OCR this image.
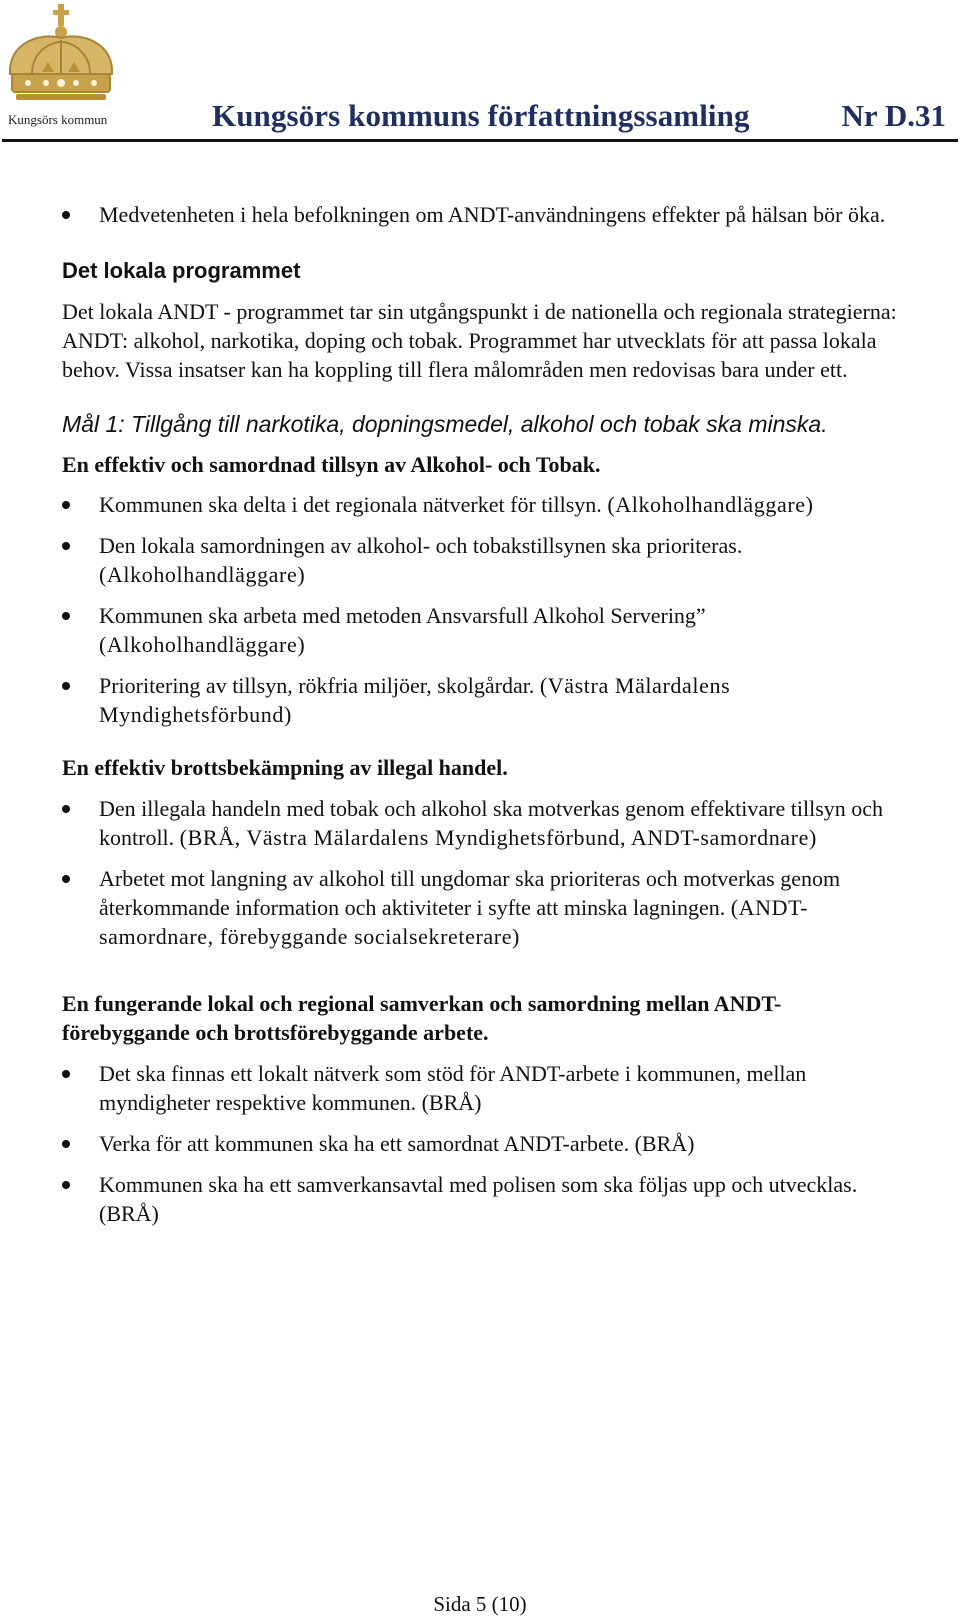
Kungsörs kommun	Kungsörs kommuns författningssamling	Nr D.31
Medvetenheten i hela befolkningen om ANDT-användningens effekter på hälsan bör öka.
Det lokala programmet
Det lokala ANDT - programmet tar sin utgångspunkt i de nationella och regionala strategierna: ANDT: alkohol, narkotika, doping och tobak. Programmet har utvecklats för att passa lokala behov. Vissa insatser kan ha koppling till flera målområden men redovisas bara under ett.
Mål 1: Tillgång till narkotika, dopningsmedel, alkohol och tobak ska minska.
En effektiv och samordnad tillsyn av Alkohol- och Tobak.
Kommunen ska delta i det regionala nätverket för tillsyn. (Alkoholhandläggare)
Den lokala samordningen av alkohol- och tobakstillsynen ska prioriteras. (Alkoholhandläggare)
Kommunen ska arbeta med metoden Ansvarsfull Alkohol Servering” (Alkoholhandläggare)
Prioritering av tillsyn, rökfria miljöer, skolgårdar. (Västra Mälardalens Myndighetsförbund)
En effektiv brottsbekämpning av illegal handel.
Den illegala handeln med tobak och alkohol ska motverkas genom effektivare tillsyn och kontroll. (BRÅ, Västra Mälardalens Myndighetsförbund, ANDT-samordnare)
Arbetet mot langning av alkohol till ungdomar ska prioriteras och motverkas genom återkommande information och aktiviteter i syfte att minska lagningen. (ANDT-samordnare, förebyggande socialsekreterare)
En fungerande lokal och regional samverkan och samordning mellan ANDT-förebyggande och brottsförebyggande arbete.
Det ska finnas ett lokalt nätverk som stöd för ANDT-arbete i kommunen, mellan myndigheter respektive kommunen. (BRÅ)
Verka för att kommunen ska ha ett samordnat ANDT-arbete. (BRÅ)
Kommunen ska ha ett samverkansavtal med polisen som ska följas upp och utvecklas. (BRÅ)
Sida 5 (10)
